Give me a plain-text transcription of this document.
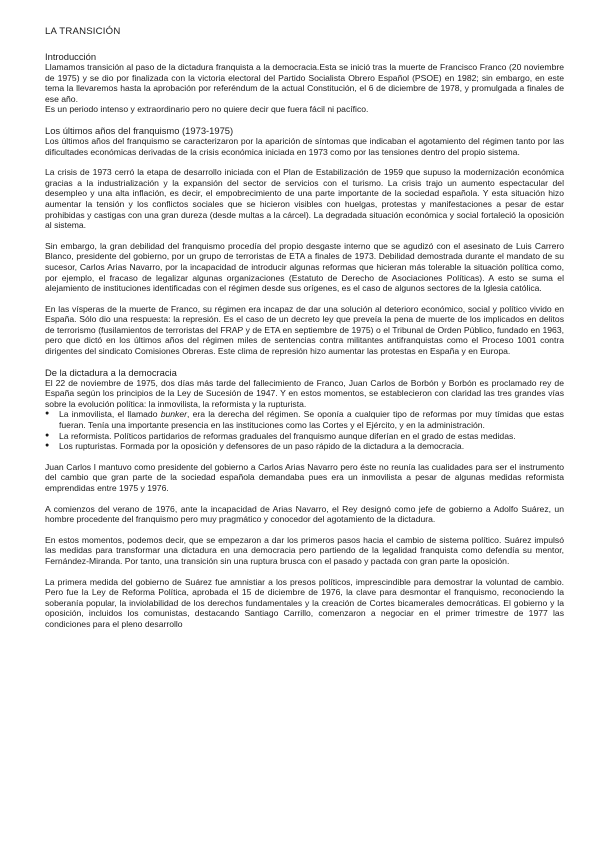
LA TRANSICIÓN
Introducción

Llamamos transición al paso de la dictadura franquista a la democracia.Esta se inició tras la muerte de Francisco Franco (20 noviembre de 1975) y se dio por finalizada con la victoria electoral del Partido Socialista Obrero Español (PSOE) en 1982; sin embargo, en este tema la llevaremos hasta la aprobación por referéndum de la actual Constitución, el 6 de diciembre de 1978, y promulgada a finales de ese año.

Es un periodo intenso y extraordinario pero no quiere decir que fuera fácil ni pacífico.

Los últimos años del franquismo (1973-1975)

Los últimos años del franquismo se caracterizaron por la aparición de síntomas que indicaban el agotamiento del régimen tanto por las dificultades económicas derivadas de la crisis económica iniciada en 1973 como por las tensiones dentro del propio sistema.

La crisis de 1973 cerró la etapa de desarrollo iniciada con el Plan de Estabilización de 1959 que supuso la modernización económica gracias a la industrialización y la expansión del sector de servicios con el turismo. La crisis trajo un aumento espectacular del desempleo y una alta inflación, es decir, el empobrecimiento de una parte importante de la sociedad española. Y esta situación hizo aumentar la tensión y los conflictos sociales que se hicieron visibles con huelgas, protestas y manifestaciones a pesar de estar prohibidas y castigas con una gran dureza (desde multas a la cárcel). La degradada situación económica y social fortaleció la oposición al sistema.

Sin embargo, la gran debilidad del franquismo procedía del propio desgaste interno que se agudizó con el asesinato de Luis Carrero Blanco, presidente del gobierno, por un grupo de terroristas de ETA a finales de 1973. Debilidad demostrada durante el mandato de su sucesor, Carlos Arias Navarro, por la incapacidad de introducir algunas reformas que hicieran más tolerable la situación política como, por ejemplo, el fracaso de legalizar algunas organizaciones (Estatuto de Derecho de Asociaciones Políticas). A esto se suma el alejamiento de instituciones identificadas con el régimen desde sus orígenes, es el caso de algunos sectores de la Iglesia católica.

En las vísperas de la muerte de Franco, su régimen era incapaz de dar una solución al deterioro económico, social y político vivido en España. Sólo dio una respuesta: la represión. Es el caso de un decreto ley que preveía la pena de muerte de los implicados en delitos de terrorismo (fusilamientos de terroristas del FRAP y de ETA en septiembre de 1975) o el Tribunal de Orden Público, fundado en 1963, pero que dictó en los últimos años del régimen miles de sentencias contra militantes antifranquistas como el Proceso 1001 contra dirigentes del sindicato Comisiones Obreras. Este clima de represión hizo aumentar las protestas en España y en Europa.

De la dictadura a la democracia

El 22 de noviembre de 1975, dos días más tarde del fallecimiento de Franco, Juan Carlos de Borbón y Borbón es proclamado rey de España según los principios de la Ley de Sucesión de 1947. Y en estos momentos, se establecieron con claridad las tres grandes vías sobre la evolución política: la inmovilista, la reformista y la rupturista.

● La inmovilista, el llamado bunker, era la derecha del régimen. Se oponía a cualquier tipo de reformas por muy tímidas que estas fueran. Tenía una importante presencia en las instituciones como las Cortes y el Ejército, y en la administración.
● La reformista. Políticos partidarios de reformas graduales del franquismo aunque diferían en el grado de estas medidas.
● Los rupturistas. Formada por la oposición y defensores de un paso rápido de la dictadura a la democracia.

Juan Carlos I mantuvo como presidente del gobierno a Carlos Arias Navarro pero éste no reunía las cualidades para ser el instrumento del cambio que gran parte de la sociedad española demandaba pues era un inmovilista a pesar de algunas medidas reformista emprendidas entre 1975 y 1976.

A comienzos del verano de 1976, ante la incapacidad de Arias Navarro, el Rey designó como jefe de gobierno a Adolfo Suárez, un hombre procedente del franquismo pero muy pragmático y conocedor del agotamiento de la dictadura.

En estos momentos, podemos decir, que se empezaron a dar los primeros pasos hacia el cambio de sistema político. Suárez impulsó las medidas para transformar una dictadura en una democracia pero partiendo de la legalidad franquista como defendía su mentor, Fernández-Miranda. Por tanto, una transición sin una ruptura brusca con el pasado y pactada con gran parte la oposición.

La primera medida del gobierno de Suárez fue amnistiar a los presos políticos, imprescindible para demostrar la voluntad de cambio. Pero fue la Ley de Reforma Política, aprobada el 15 de diciembre de 1976, la clave para desmontar el franquismo, reconociendo la soberanía popular, la inviolabilidad de los derechos fundamentales y la creación de Cortes bicamerales democráticas. El gobierno y la oposición, incluidos los comunistas, destacando Santiago Carrillo, comenzaron a negociar en el primer trimestre de 1977 las condiciones para el pleno desarrollo
